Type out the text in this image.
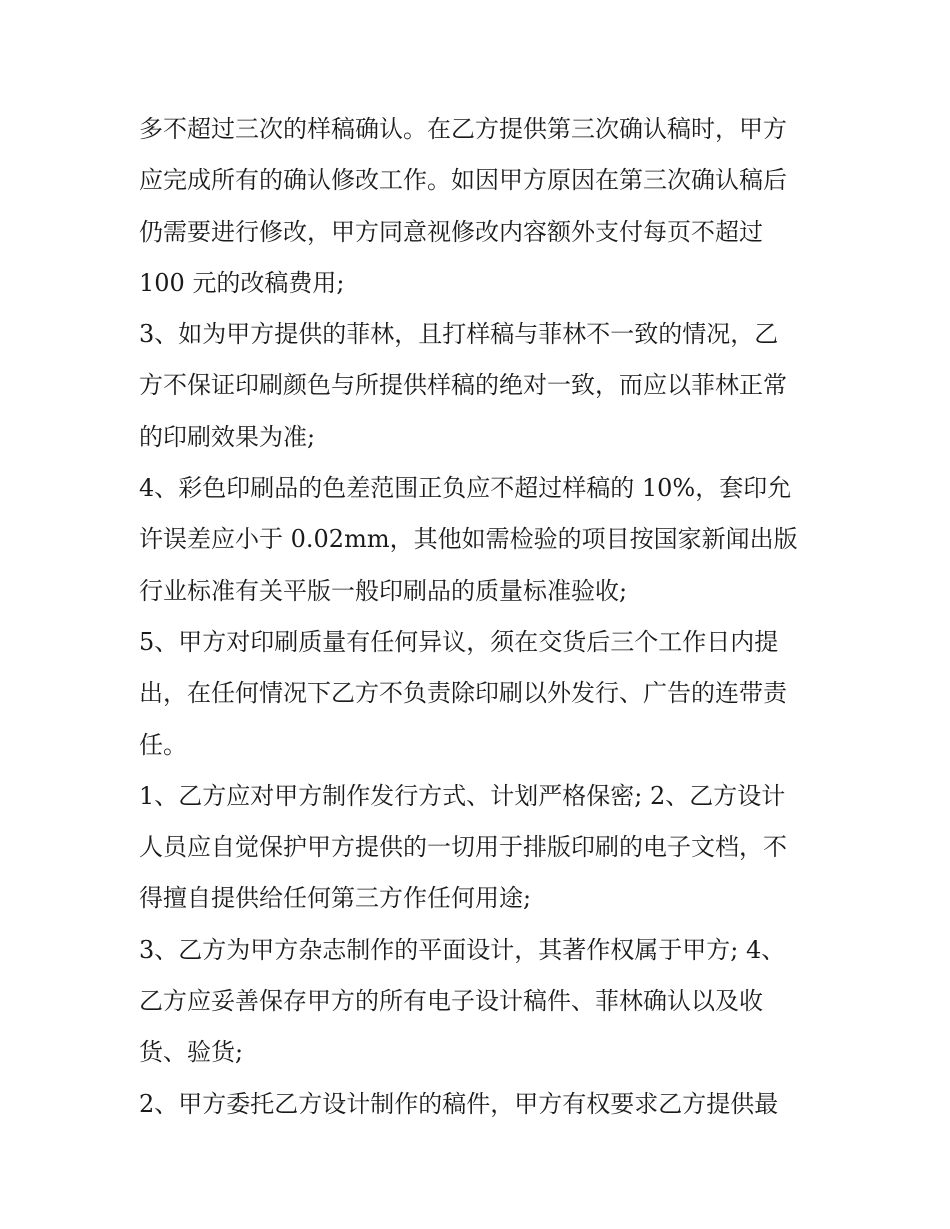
多不超过三次的样稿确认。在乙方提供第三次确认稿时，甲方
应完成所有的确认修改工作。如因甲方原因在第三次确认稿后
仍需要进行修改，甲方同意视修改内容额外支付每页不超过
100 元的改稿费用;
3、如为甲方提供的菲林，且打样稿与菲林不一致的情况，乙
方不保证印刷颜色与所提供样稿的绝对一致，而应以菲林正常
的印刷效果为准;
4、彩色印刷品的色差范围正负应不超过样稿的 10%，套印允
许误差应小于 0.02mm，其他如需检验的项目按国家新闻出版
行业标准有关平版一般印刷品的质量标准验收;
5、甲方对印刷质量有任何异议，须在交货后三个工作日内提
出，在任何情况下乙方不负责除印刷以外发行、广告的连带责
任。
1、乙方应对甲方制作发行方式、计划严格保密; 2、乙方设计
人员应自觉保护甲方提供的一切用于排版印刷的电子文档，不
得擅自提供给任何第三方作任何用途;
3、乙方为甲方杂志制作的平面设计，其著作权属于甲方; 4、
乙方应妥善保存甲方的所有电子设计稿件、菲林确认以及收
货、验货;
2、甲方委托乙方设计制作的稿件，甲方有权要求乙方提供最
